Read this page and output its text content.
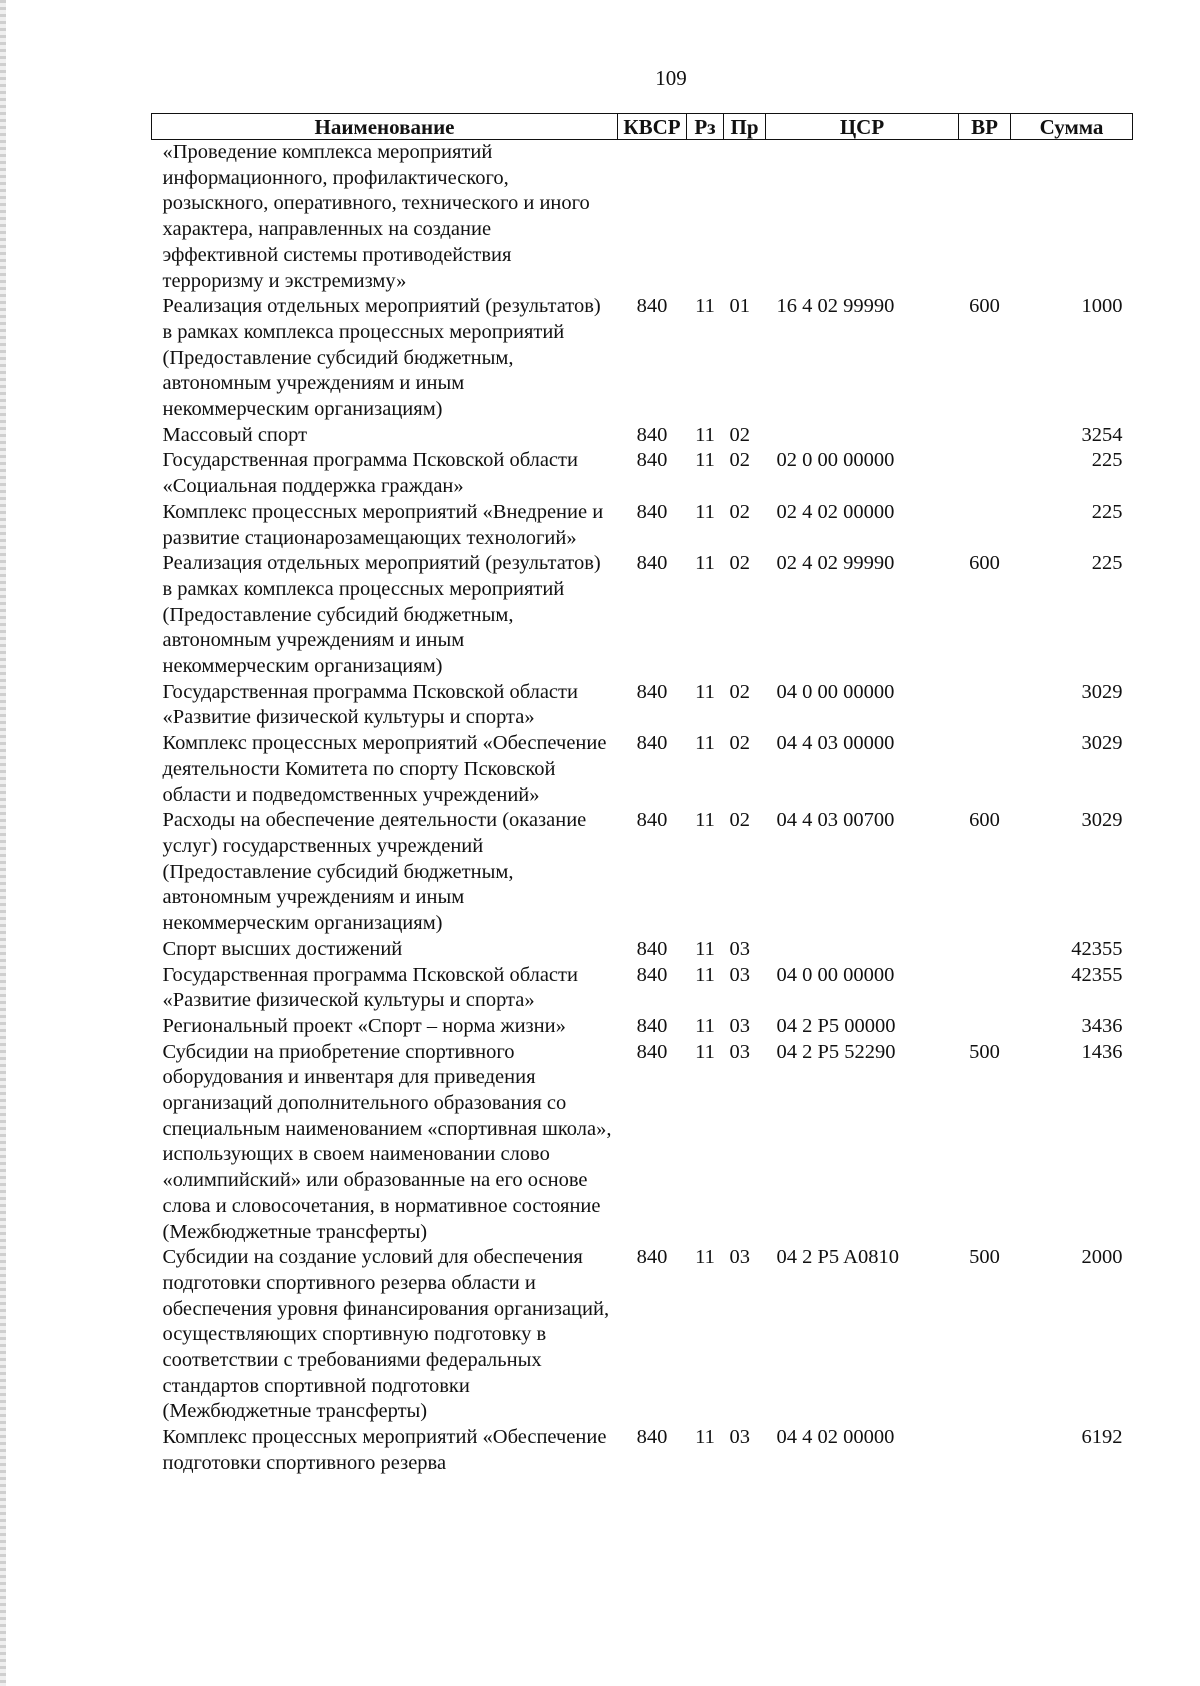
109
Наименование	КВСР	Рз	Пр	ЦСР	ВР	Сумма
«Проведение комплекса мероприятий информационного, профилактического, розыскного, оперативного, технического и иного характера, направленных на создание эффективной системы противодействия терроризму и экстремизму»						
Реализация отдельных мероприятий (результатов) в рамках комплекса процессных мероприятий (Предоставление субсидий бюджетным, автономным учреждениям и иным некоммерческим организациям)	840	11	01	16 4 02 99990	600	1000
Массовый спорт	840	11	02			3254
Государственная программа Псковской области «Социальная поддержка граждан»	840	11	02	02 0 00 00000		225
Комплекс процессных мероприятий «Внедрение и развитие стационарозамещающих технологий»	840	11	02	02 4 02 00000		225
Реализация отдельных мероприятий (результатов) в рамках комплекса процессных мероприятий (Предоставление субсидий бюджетным, автономным учреждениям и иным некоммерческим организациям)	840	11	02	02 4 02 99990	600	225
Государственная программа Псковской области «Развитие физической культуры и спорта»	840	11	02	04 0 00 00000		3029
Комплекс процессных мероприятий «Обеспечение деятельности Комитета по спорту Псковской области и подведомственных учреждений»	840	11	02	04 4 03 00000		3029
Расходы на обеспечение деятельности (оказание услуг) государственных учреждений (Предоставление субсидий бюджетным, автономным учреждениям и иным некоммерческим организациям)	840	11	02	04 4 03 00700	600	3029
Спорт высших достижений	840	11	03			42355
Государственная программа Псковской области «Развитие физической культуры и спорта»	840	11	03	04 0 00 00000		42355
Региональный проект «Спорт – норма жизни»	840	11	03	04 2 P5 00000		3436
Субсидии на приобретение спортивного оборудования и инвентаря для приведения организаций дополнительного образования со специальным наименованием «спортивная школа», использующих в своем наименовании слово «олимпийский» или образованные на его основе слова и словосочетания, в нормативное состояние (Межбюджетные трансферты)	840	11	03	04 2 P5 52290	500	1436
Субсидии на создание условий для обеспечения подготовки спортивного резерва области и обеспечения уровня финансирования организаций, осуществляющих спортивную подготовку в соответствии с требованиями федеральных стандартов спортивной подготовки (Межбюджетные трансферты)	840	11	03	04 2 P5 A0810	500	2000
Комплекс процессных мероприятий «Обеспечение подготовки спортивного резерва	840	11	03	04 4 02 00000		6192
